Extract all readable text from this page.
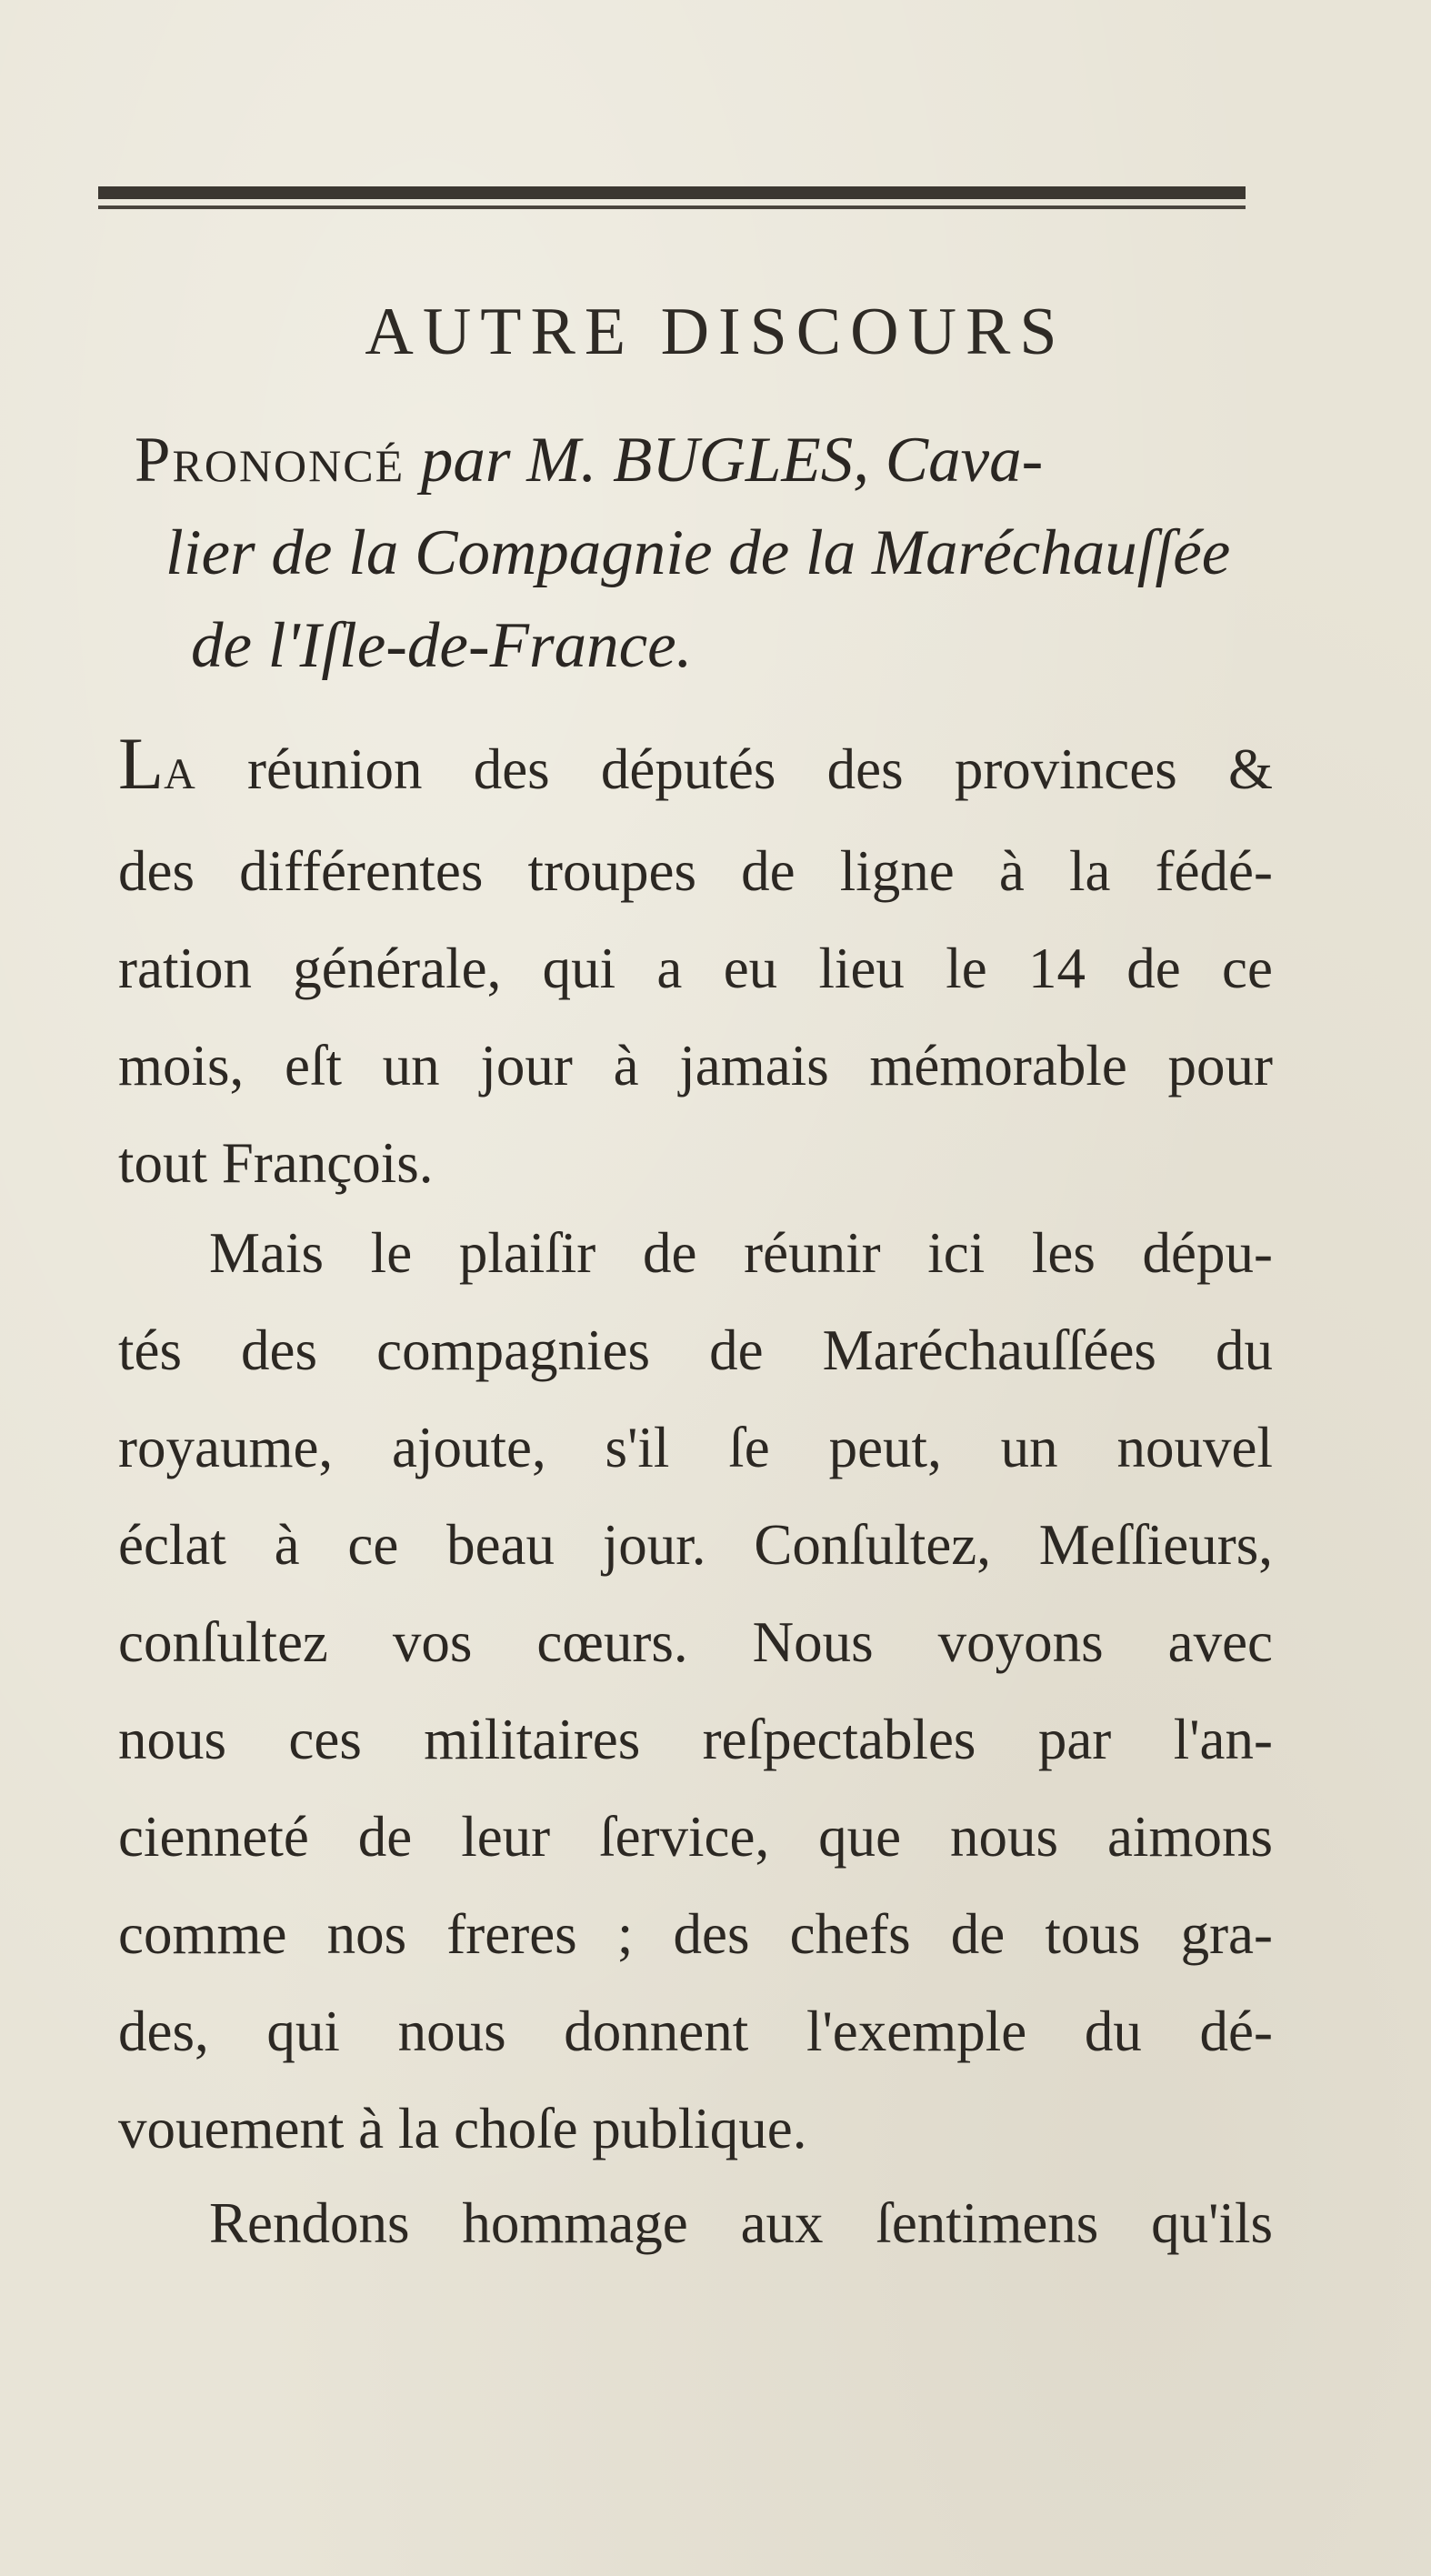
AUTRE DISCOURS
Prononcé par M. BUGLES, Cava-
lier de la Compagnie de la Maréchauſſée
de l'Iſle-de-France.
LA réunion des députés des provinces &
des différentes troupes de ligne à la fédé-
ration générale, qui a eu lieu le 14 de ce
mois, eſt un jour à jamais mémorable pour
tout François.
Mais le plaiſir de réunir ici les dépu-
tés des compagnies de Maréchauſſées du
royaume, ajoute, s'il ſe peut, un nouvel
éclat à ce beau jour. Conſultez, Meſſieurs,
conſultez vos cœurs. Nous voyons avec
nous ces militaires reſpectables par l'an-
cienneté de leur ſervice, que nous aimons
comme nos freres ; des chefs de tous gra-
des, qui nous donnent l'exemple du dé-
vouement à la choſe publique.
Rendons hommage aux ſentimens qu'ils
